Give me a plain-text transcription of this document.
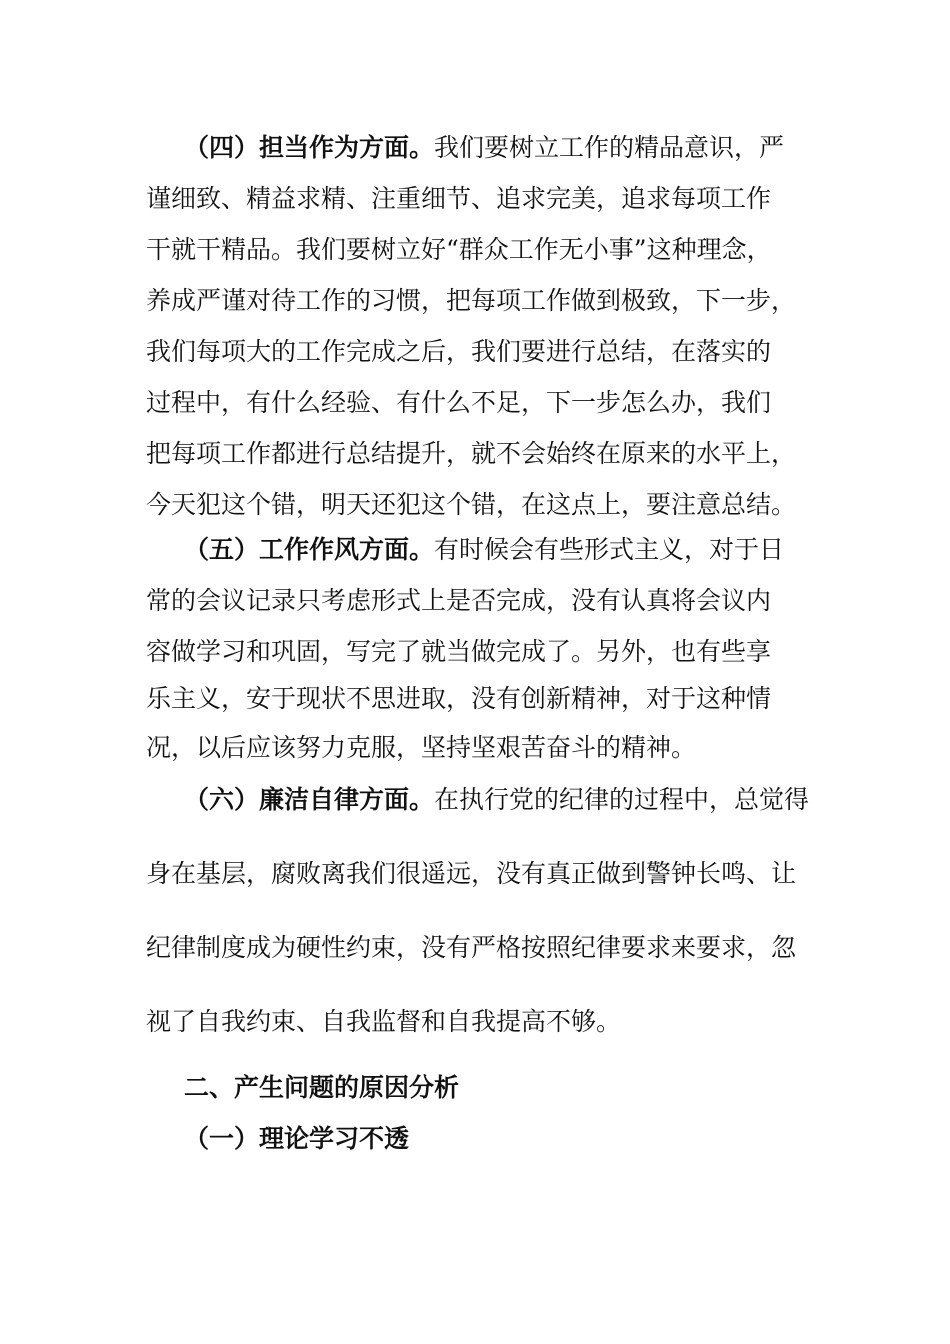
（四）担当作为方面。我们要树立工作的精品意识，严
谨细致、精益求精、注重细节、追求完美，追求每项工作
干就干精品。我们要树立好“群众工作无小事”这种理念，
养成严谨对待工作的习惯，把每项工作做到极致，下一步，
我们每项大的工作完成之后，我们要进行总结，在落实的
过程中，有什么经验、有什么不足，下一步怎么办，我们
把每项工作都进行总结提升，就不会始终在原来的水平上，
今天犯这个错，明天还犯这个错，在这点上，要注意总结。
（五）工作作风方面。有时候会有些形式主义，对于日
常的会议记录只考虑形式上是否完成，没有认真将会议内
容做学习和巩固，写完了就当做完成了。另外，也有些享
乐主义，安于现状不思进取，没有创新精神，对于这种情
况，以后应该努力克服，坚持坚艰苦奋斗的精神。
（六）廉洁自律方面。在执行党的纪律的过程中，总觉得
身在基层，腐败离我们很遥远，没有真正做到警钟长鸣、让
纪律制度成为硬性约束，没有严格按照纪律要求来要求，忽
视了自我约束、自我监督和自我提高不够。
二、产生问题的原因分析
（一）理论学习不透
